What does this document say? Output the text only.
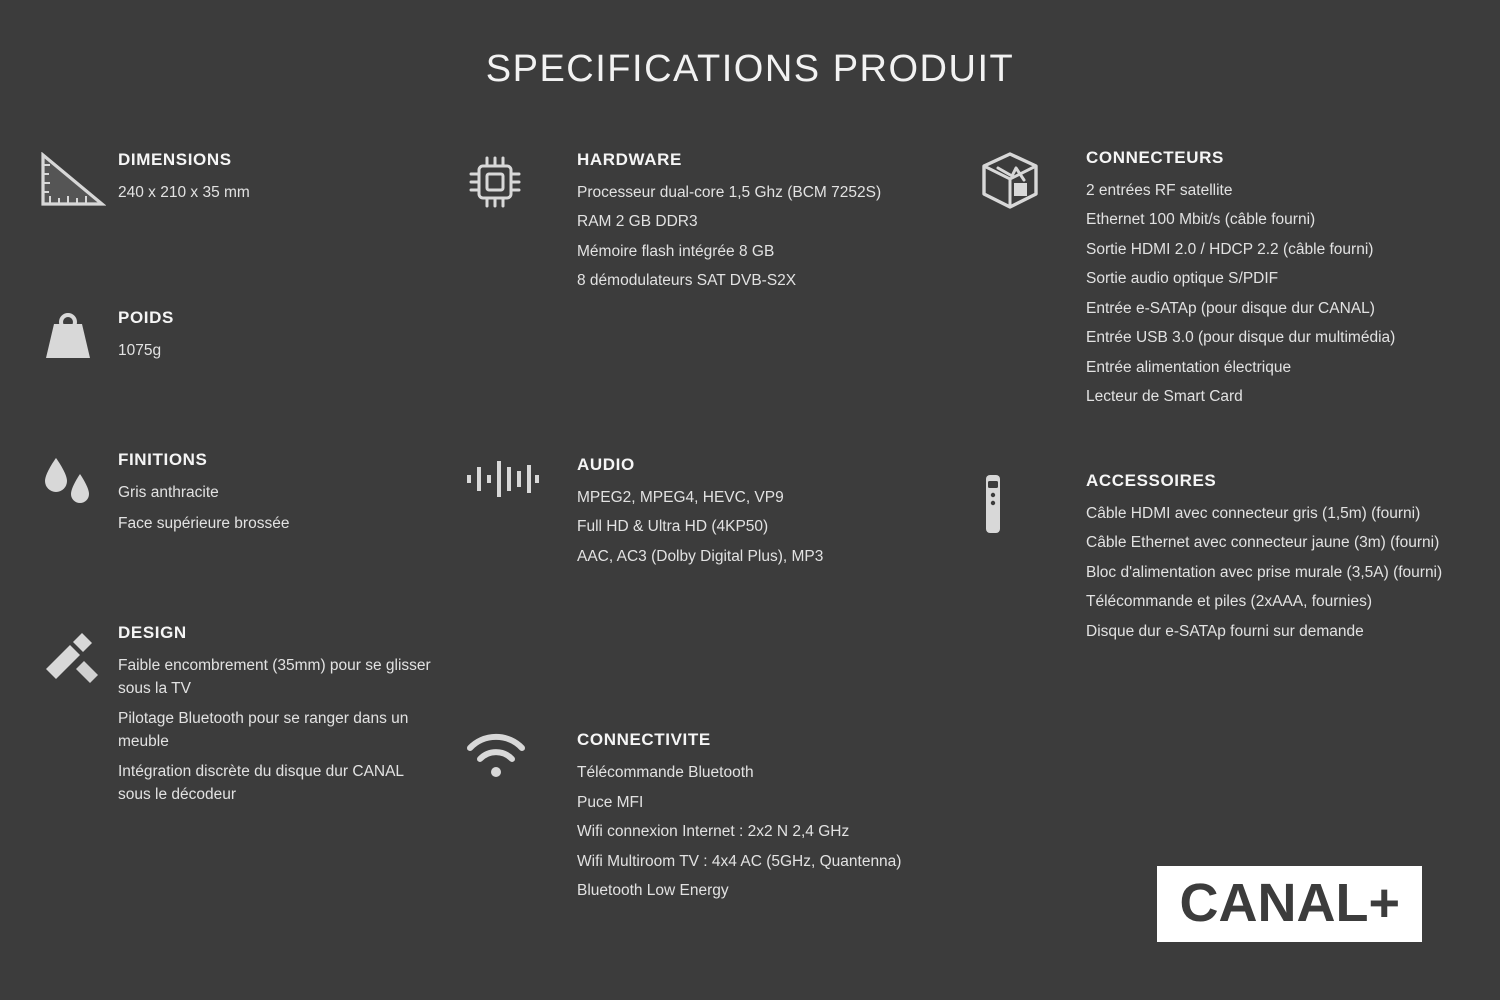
SPECIFICATIONS PRODUIT
DIMENSIONS
240 x 210 x 35 mm
POIDS
1075g
FINITIONS
Gris anthracite
Face supérieure brossée
DESIGN
Faible encombrement (35mm) pour se glisser sous la TV
Pilotage Bluetooth pour se ranger dans un meuble
Intégration discrète du disque dur CANAL sous le décodeur
HARDWARE
Processeur dual-core 1,5 Ghz (BCM 7252S)
RAM 2 GB DDR3
Mémoire flash intégrée 8 GB
8 démodulateurs SAT DVB-S2X
AUDIO
MPEG2, MPEG4, HEVC, VP9
Full HD & Ultra HD (4KP50)
AAC, AC3 (Dolby Digital Plus), MP3
CONNECTIVITE
Télécommande Bluetooth
Puce MFI
Wifi connexion Internet : 2x2 N 2,4 GHz
Wifi Multiroom TV : 4x4 AC (5GHz, Quantenna)
Bluetooth Low Energy
CONNECTEURS
2 entrées RF satellite
Ethernet 100 Mbit/s (câble fourni)
Sortie HDMI 2.0 / HDCP 2.2 (câble fourni)
Sortie audio optique S/PDIF
Entrée e-SATAp (pour disque dur CANAL)
Entrée USB 3.0 (pour disque dur multimédia)
Entrée alimentation électrique
Lecteur de Smart Card
ACCESSOIRES
Câble HDMI avec connecteur gris (1,5m) (fourni)
Câble Ethernet avec connecteur jaune (3m) (fourni)
Bloc d'alimentation avec prise murale (3,5A) (fourni)
Télécommande et piles (2xAAA, fournies)
Disque dur e-SATAp fourni sur demande
CANAL+
